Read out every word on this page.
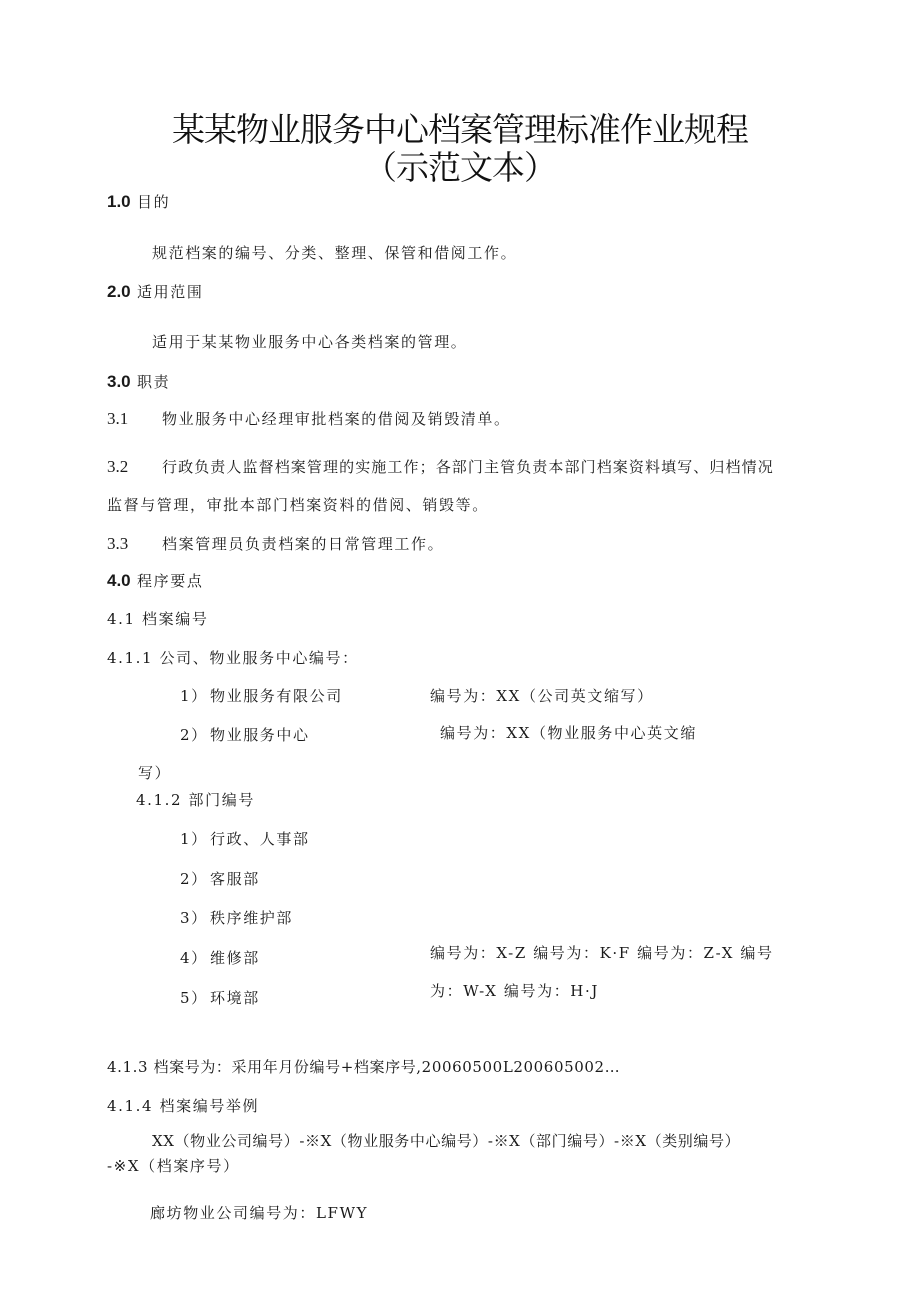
某某物业服务中心档案管理标准作业规程
（示范文本）
1.0 目的
规范档案的编号、分类、整理、保管和借阅工作。
2.0 适用范围
适用于某某物业服务中心各类档案的管理。
3.0 职责
3.1 物业服务中心经理审批档案的借阅及销毁清单。
3.2 行政负责人监督档案管理的实施工作；各部门主管负责本部门档案资料填写、归档情况
监督与管理，审批本部门档案资料的借阅、销毁等。
3.3 档案管理员负责档案的日常管理工作。
4.0 程序要点
4.1 档案编号
4.1.1 公司、物业服务中心编号：
1） 物业服务有限公司	编号为：XX（公司英文缩写）
2） 物业服务中心	编号为：XX（物业服务中心英文缩
写）
4.1.2 部门编号
1） 行政、人事部
2） 客服部
3） 秩序维护部
4） 维修部
5） 环境部
编号为：X-Z 编号为：K·F 编号为：Z-X 编号
为：W-X 编号为：H·J
4.1.3 档案号为：采用年月份编号+档案序号,20060500L200605002…
4.1.4 档案编号举例
XX（物业公司编号）-※X（物业服务中心编号）-※X（部门编号）-※X（类别编号）
-※X（档案序号）
廊坊物业公司编号为：LFWY
